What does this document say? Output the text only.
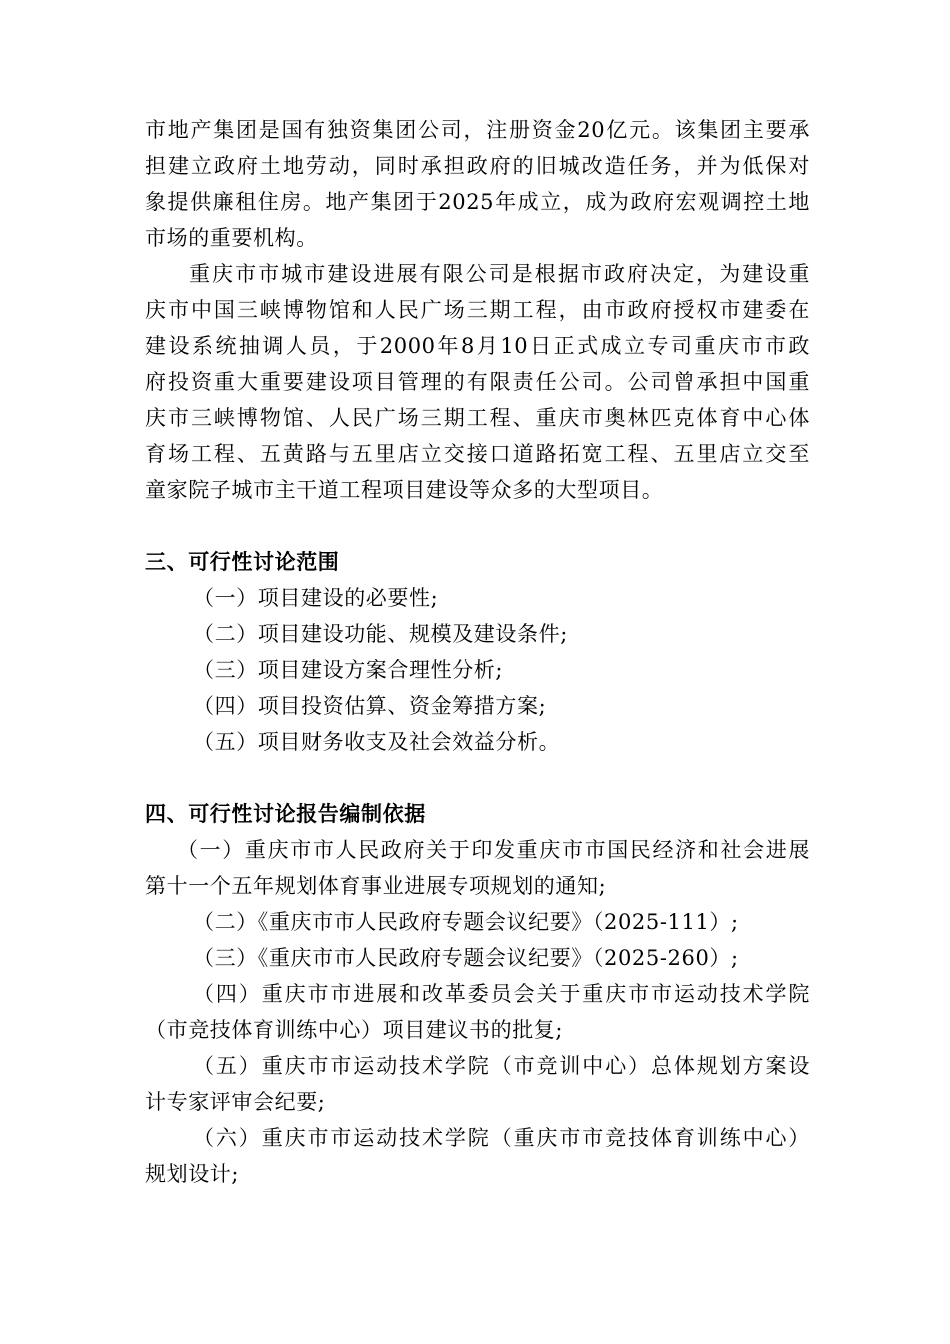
市地产集团是国有独资集团公司，注册资金20亿元。该集团主要承
担建立政府土地劳动，同时承担政府的旧城改造任务，并为低保对
象提供廉租住房。地产集团于2025年成立，成为政府宏观调控土地
市场的重要机构。
重庆市市城市建设进展有限公司是根据市政府决定，为建设重
庆市中国三峡博物馆和人民广场三期工程，由市政府授权市建委在
建设系统抽调人员，于2000年8月10日正式成立专司重庆市市政
府投资重大重要建设项目管理的有限责任公司。公司曾承担中国重
庆市三峡博物馆、人民广场三期工程、重庆市奥林匹克体育中心体
育场工程、五黄路与五里店立交接口道路拓宽工程、五里店立交至
童家院子城市主干道工程项目建设等众多的大型项目。
三、可行性讨论范围
（一）项目建设的必要性;
（二）项目建设功能、规模及建设条件;
（三）项目建设方案合理性分析;
（四）项目投资估算、资金筹措方案;
（五）项目财务收支及社会效益分析。
四、可行性讨论报告编制依据
（一）重庆市市人民政府关于印发重庆市市国民经济和社会进展
第十一个五年规划体育事业进展专项规划的通知;
（二）《重庆市市人民政府专题会议纪要》（2025-111）;
（三）《重庆市市人民政府专题会议纪要》（2025-260）;
（四）重庆市市进展和改革委员会关于重庆市市运动技术学院
（市竞技体育训练中心）项目建议书的批复;
（五）重庆市市运动技术学院（市竞训中心）总体规划方案设
计专家评审会纪要;
（六）重庆市市运动技术学院（重庆市市竞技体育训练中心）
规划设计;
